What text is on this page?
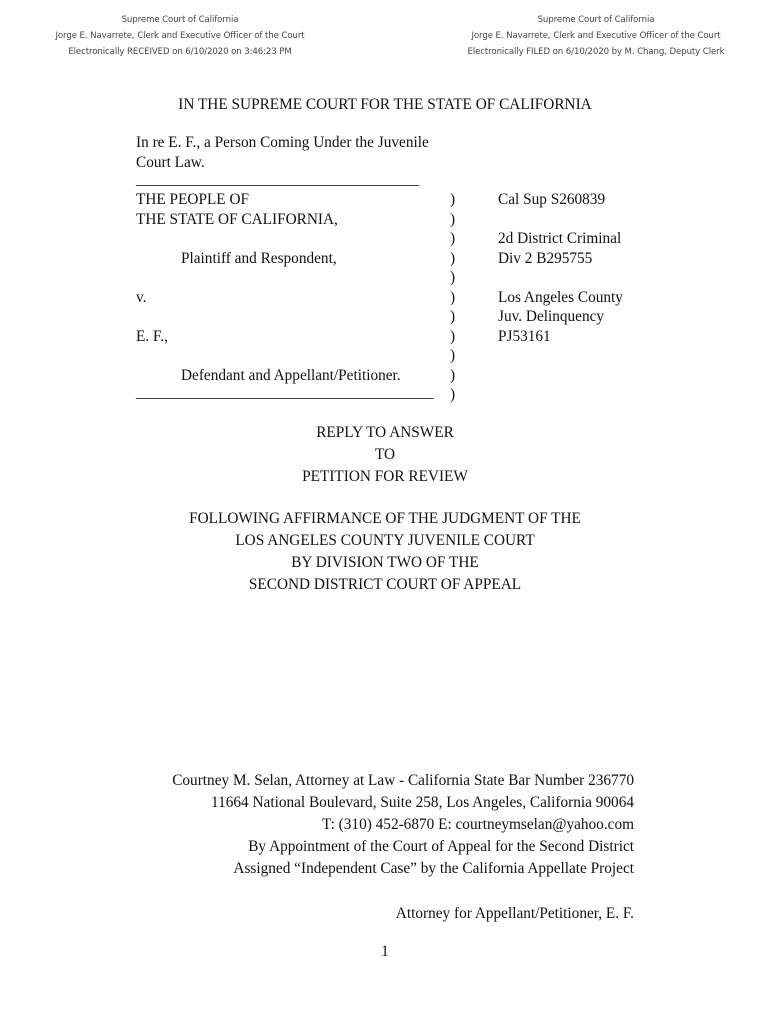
Supreme Court of California
Jorge E. Navarrete, Clerk and Executive Officer of the Court
Electronically RECEIVED on 6/10/2020 on 3:46:23 PM
Supreme Court of California
Jorge E. Navarrete, Clerk and Executive Officer of the Court
Electronically FILED on 6/10/2020 by M. Chang, Deputy Clerk
IN THE SUPREME COURT FOR THE STATE OF CALIFORNIA
In re E. F., a Person Coming Under the Juvenile
Court Law.
_______________________________________
THE PEOPLE OF
THE STATE OF CALIFORNIA,
Plaintiff and Respondent,
v.
E. F.,
Defendant and Appellant/Petitioner.
_________________________________________ )
)
)
)
)
)
)
)
)
)
)
Cal Sup S260839
2d District Criminal
Div 2 B295755
Los Angeles County
Juv. Delinquency
PJ53161
REPLY TO ANSWER
TO
PETITION FOR REVIEW
FOLLOWING AFFIRMANCE OF THE JUDGMENT OF THE
LOS ANGELES COUNTY JUVENILE COURT
BY DIVISION TWO OF THE
SECOND DISTRICT COURT OF APPEAL
Courtney M. Selan, Attorney at Law - California State Bar Number 236770
11664 National Boulevard, Suite 258, Los Angeles, California 90064
T: (310) 452-6870 E: courtneymselan@yahoo.com
By Appointment of the Court of Appeal for the Second District
Assigned “Independent Case” by the California Appellate Project
Attorney for Appellant/Petitioner, E. F.
1
